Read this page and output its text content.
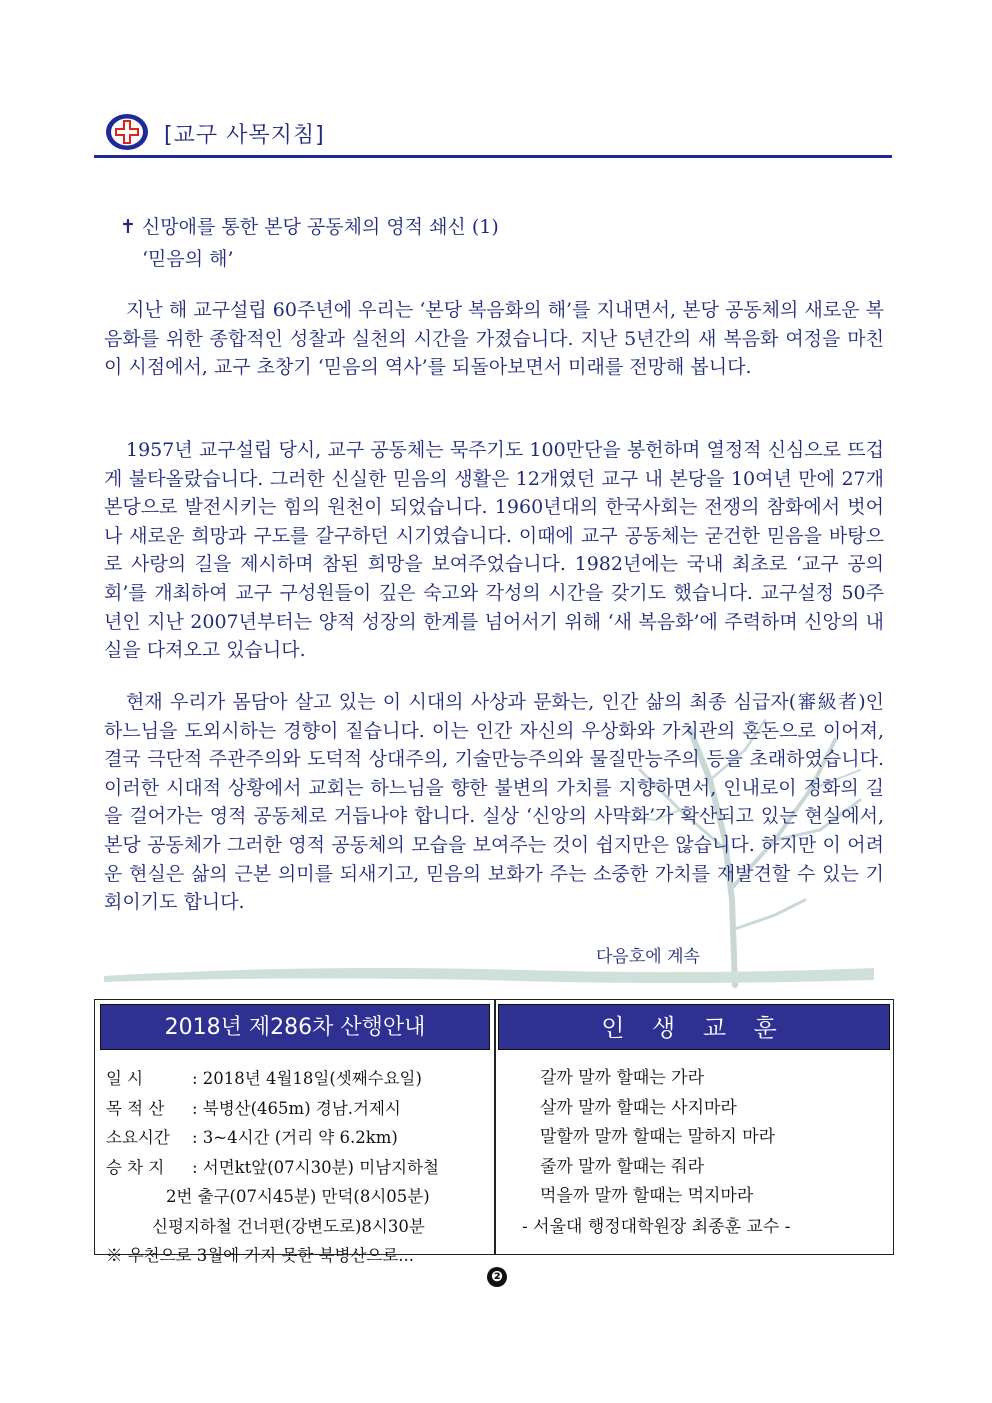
[교구 사목지침]
✝ 신망애를 통한 본당 공동체의 영적 쇄신 (1)
‘믿음의 해’
지난 해 교구설립 60주년에 우리는 ‘본당 복음화의 해’를 지내면서, 본당 공동체의 새로운 복음화를 위한 종합적인 성찰과 실천의 시간을 가졌습니다. 지난 5년간의 새 복음화 여정을 마친 이 시점에서, 교구 초창기 ‘믿음의 역사’를 되돌아보면서 미래를 전망해 봅니다.
1957년 교구설립 당시, 교구 공동체는 묵주기도 100만단을 봉헌하며 열정적 신심으로 뜨겁게 불타올랐습니다. 그러한 신실한 믿음의 생활은 12개였던 교구 내 본당을 10여년 만에 27개 본당으로 발전시키는 힘의 원천이 되었습니다. 1960년대의 한국사회는 전쟁의 참화에서 벗어나 새로운 희망과 구도를 갈구하던 시기였습니다. 이때에 교구 공동체는 굳건한 믿음을 바탕으로 사랑의 길을 제시하며 참된 희망을 보여주었습니다. 1982년에는 국내 최초로 ‘교구 공의회’를 개최하여 교구 구성원들이 깊은 숙고와 각성의 시간을 갖기도 했습니다. 교구설정 50주년인 지난 2007년부터는 양적 성장의 한계를 넘어서기 위해 ‘새 복음화’에 주력하며 신앙의 내실을 다져오고 있습니다.
현재 우리가 몸담아 살고 있는 이 시대의 사상과 문화는, 인간 삶의 최종 심급자(審級者)인 하느님을 도외시하는 경향이 짙습니다. 이는 인간 자신의 우상화와 가치관의 혼돈으로 이어져, 결국 극단적 주관주의와 도덕적 상대주의, 기술만능주의와 물질만능주의 등을 초래하였습니다. 이러한 시대적 상황에서 교회는 하느님을 향한 불변의 가치를 지향하면서, 인내로이 정화의 길을 걸어가는 영적 공동체로 거듭나야 합니다. 실상 ‘신앙의 사막화’가 확산되고 있는 현실에서, 본당 공동체가 그러한 영적 공동체의 모습을 보여주는 것이 쉽지만은 않습니다. 하지만 이 어려운 현실은 삶의 근본 의미를 되새기고, 믿음의 보화가 주는 소중한 가치를 재발견할 수 있는 기회이기도 합니다.
다음호에 계속
2018년 제286차 산행안내	인 생 교 훈
일 시	: 2018년 4월18일(셋째수요일)
목 적 산 : 북병산(465m) 경남.거제시
소요시간 : 3~4시간 (거리 약 6.2km)
승 차 지 : 서면kt앞(07시30분) 미남지하철
2번 출구(07시45분) 만덕(8시05분)
신평지하철 건너편(강변도로)8시30분
※ 우천으로 3월에 가지 못한 북병산으로...
갈까 말까 할때는 가라
살까 말까 할때는 사지마라
말할까 말까 할때는 말하지 마라
줄까 말까 할때는 줘라
먹을까 말까 할때는 먹지마라
- 서울대 행정대학원장 최종훈 교수 -
❷
